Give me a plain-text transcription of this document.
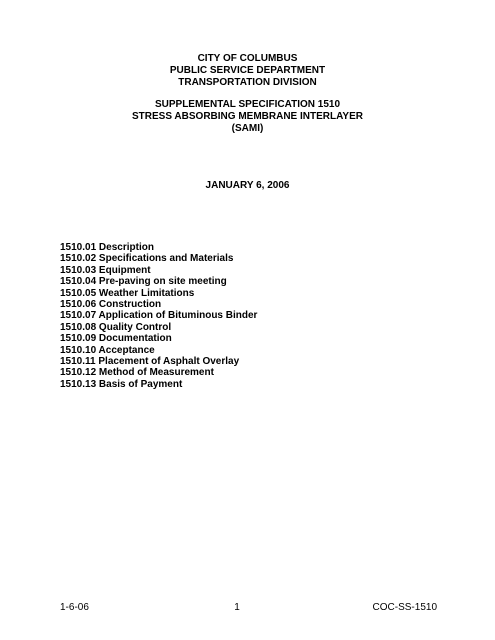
CITY OF COLUMBUS
PUBLIC SERVICE DEPARTMENT
TRANSPORTATION DIVISION
SUPPLEMENTAL SPECIFICATION 1510
STRESS ABSORBING MEMBRANE INTERLAYER
(SAMI)
JANUARY 6, 2006
1510.01 Description
1510.02 Specifications and Materials
1510.03 Equipment
1510.04 Pre-paving on site meeting
1510.05 Weather Limitations
1510.06 Construction
1510.07 Application of Bituminous Binder
1510.08 Quality Control
1510.09 Documentation
1510.10 Acceptance
1510.11 Placement of Asphalt Overlay
1510.12 Method of Measurement
1510.13 Basis of Payment
1-6-06	1	COC-SS-1510
